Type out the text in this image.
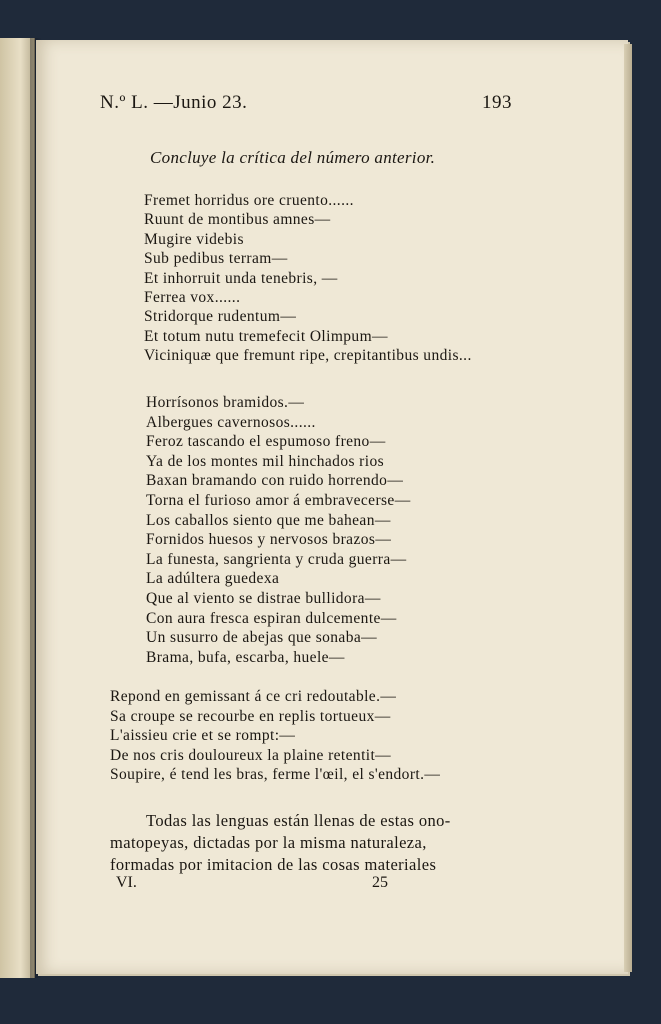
N.º L. —Junio 23.	193
Concluye la crítica del número anterior.
Fremet horridus ore cruento......
Ruunt de montibus amnes—
Mugire videbis
Sub pedibus terram—
Et inhorruit unda tenebris, —
Ferrea vox......
Stridorque rudentum—
Et totum nutu tremefecit Olimpum—
Viciniquæ que fremunt ripe, crepitantibus undis...
Horrísonos bramidos.—
Albergues cavernosos......
Feroz tascando el espumoso freno—
Ya de los montes mil hinchados rios
Baxan bramando con ruido horrendo—
Torna el furioso amor á embravecerse—
Los caballos siento que me bahean—
Fornidos huesos y nervosos brazos—
La funesta, sangrienta y cruda guerra—
La adúltera guedexa
Que al viento se distrae bullidora—
Con aura fresca espiran dulcemente—
Un susurro de abejas que sonaba—
Brama, bufa, escarba, huele—
Repond en gemissant á ce cri redoutable.—
Sa croupe se recourbe en replis tortueux—
L'aissieu crie et se rompt:—
De nos cris douloureux la plaine retentit—
Soupire, é tend les bras, ferme l'œil, el s'endort.—
Todas las lenguas están llenas de estas ono-
matopeyas, dictadas por la misma naturaleza,
formadas por imitacion de las cosas materiales
VI.	25
